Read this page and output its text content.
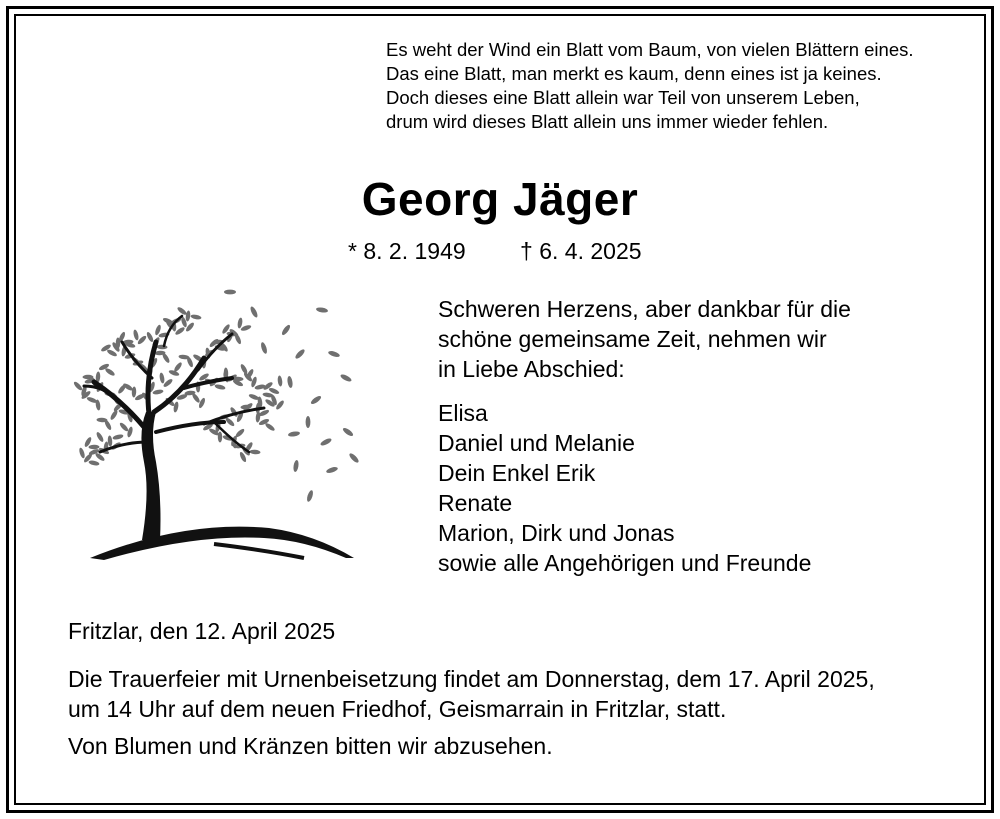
Es weht der Wind ein Blatt vom Baum, von vielen Blättern eines.
Das eine Blatt, man merkt es kaum, denn eines ist ja keines.
Doch dieses eine Blatt allein war Teil von unserem Leben,
drum wird dieses Blatt allein uns immer wieder fehlen.
Georg Jäger
* 8. 2. 1949 † 6. 4. 2025
Schweren Herzens, aber dankbar für die
schöne gemeinsame Zeit, nehmen wir
in Liebe Abschied:
Elisa
Daniel und Melanie
Dein Enkel Erik
Renate
Marion, Dirk und Jonas
sowie alle Angehörigen und Freunde
Fritzlar, den 12. April 2025
Die Trauerfeier mit Urnenbeisetzung findet am Donnerstag, dem 17. April 2025,
um 14 Uhr auf dem neuen Friedhof, Geismarrain in Fritzlar, statt.
Von Blumen und Kränzen bitten wir abzusehen.
